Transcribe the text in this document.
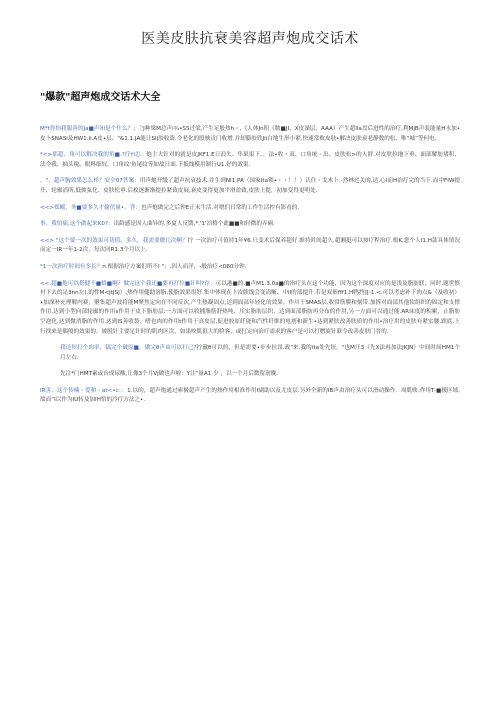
医美皮肤抗衰美容超声炮成交话术
"爆款"超声炮成交话术大全

M*t你怡我服善的Ja■声知是个什么？；［'J种梁M总声i¾•SS过梁,产生足般热h・,《人体Jn积《脓■JI、X皮澡层、AAA）产生超lla盘后进性的治疗,利MjB声装能量H水加•皮卜SNASi及HW1.ii.A皮•层、"&1.1.JA能让SIj胶收盗.令老化的股映贡门收增.并却膨胶欣Jii白地生形小紧.快速常败皮肤•解决皮肤衰老静数的松、唯“城”等何电.

*<>那超、角可以解决我的角■.?疗†l怎：炮主夫针对的就是皮JKF1.E日浪失、隼果果下、，法•收・双、口角统・出、皮肤松>的人群.对皮肤拉地下垂、面部解肪堵积、法令我、抽头税、眼料细奴、口角纹'鱼尾纹等如故日面.下抵线模用制行U1.好的效果.

，"，超声胸效果怎么样？安全07答案：用声炮开级了超声抗衰技术.并生到NI1.PA（国家Ita锁•・・！！）认住・戈木卜.-然林过关的,达,心I而H治疗完的当下.而中FIW提升、轮廓滔所,低彼弦化、皮肤松垂.后枚逐渐渐提拉紧致皮展,衰皮变得更加平滑盈致,皮肤上提，初加变得更明处.

<<>郑鳐，务■要多久才偷伏量•。答：也声炮做完之后钟E正未生活.对嗯们日常的工作生活控有影看的.

事。我怕痛,这个做起来K0?：出龄感是因人曲异的.多夏人反馈,*.'1'泊格个此■■和轻微的弄痢.

<<> "这个要一次的效果可切值，多久，我需要做几次啊？拧 一次治疗可值持1年¥6.只变术后保养超好.维持时间超久.超湘挺可以按疗程治疗.根K,您个人I1.H款具体情况而定一IR一年1-2次，每次同R1.3个月以上.

*1一次治疗时间有多长？n.根据治疗方案们所不I "；,因人而洋，-般治疗<060分钟.

<<.超■他可以搭健不■嬉■啊？做完这个我还■要再打位■针叫?存：可以港■的.■声M1.3.0a■的治疗头在这个功能，因为这个深度对应的是浅及脂肪联，同时.题世慎衬下去的足3nn左(.的性M<JtJSJ）,热作用健助溶脂,使脂效果很好.集中体现在卜汝牍线会变清晰、中iI的部提升.若是双嵌fff1.H鸭挡][-1.<.可以考虑补下肉点&（及收初）•加深补充理解内赛，聚集超声波将能M聚焦定向在不同反次,产生热凝固点,达到面部年轻化的效果。作川于SMAS层.收常筋膜和刻带.加拆对面部其他软组织的固定和支撑作用.达到小型向部轮廓的作用s作用于皮下脂肪层:一方面可以收捕脂筋舒热吨，压实脂肪层织、达到面部脂肪再分布的作用,另一方面可以通过能.AR床度的积累，止脂肪空泡化.达到微消脂的作用.达到IS善收袋、嗜也肉的作用t作用于真皮层,促进胶原纤能和汽性纤维的电割和新生•达到紧肤改善肤质的作用•治疗用的皮肤有紧实腰.跟底.上行找来是偶般的效果的。被脱针主要足针时的肌肉区次，如果咬肌很大的脸客，或打定向治疗需求的客户是可以打赠旋针联令改善皮肤门晋的.

我还短打个肉率、镐完个破原■，做完θ声由可以打己?拧澈θ可以的，但是需要•步步拉昂.政"来.我的ita处先短。"也M汪3（先X法再加法JKJN）中间时间HM1个月左右.

先注*门HMT素或台成尿酸,让像3个月Vj做也声啦：Y注"量A1.少 ，以一个月后微留润晚.

IR害，这个传楠・爱和・at<•c：：1.以的，超声炮通过索极超声产生的热作用相准作用f副助以及尤皮层.另外全新的IB声由治疗头可以滑动操作．周肌映.作用T-■援区域.故而“I以作为IU转及加IH悟的冷疗方法之•.
